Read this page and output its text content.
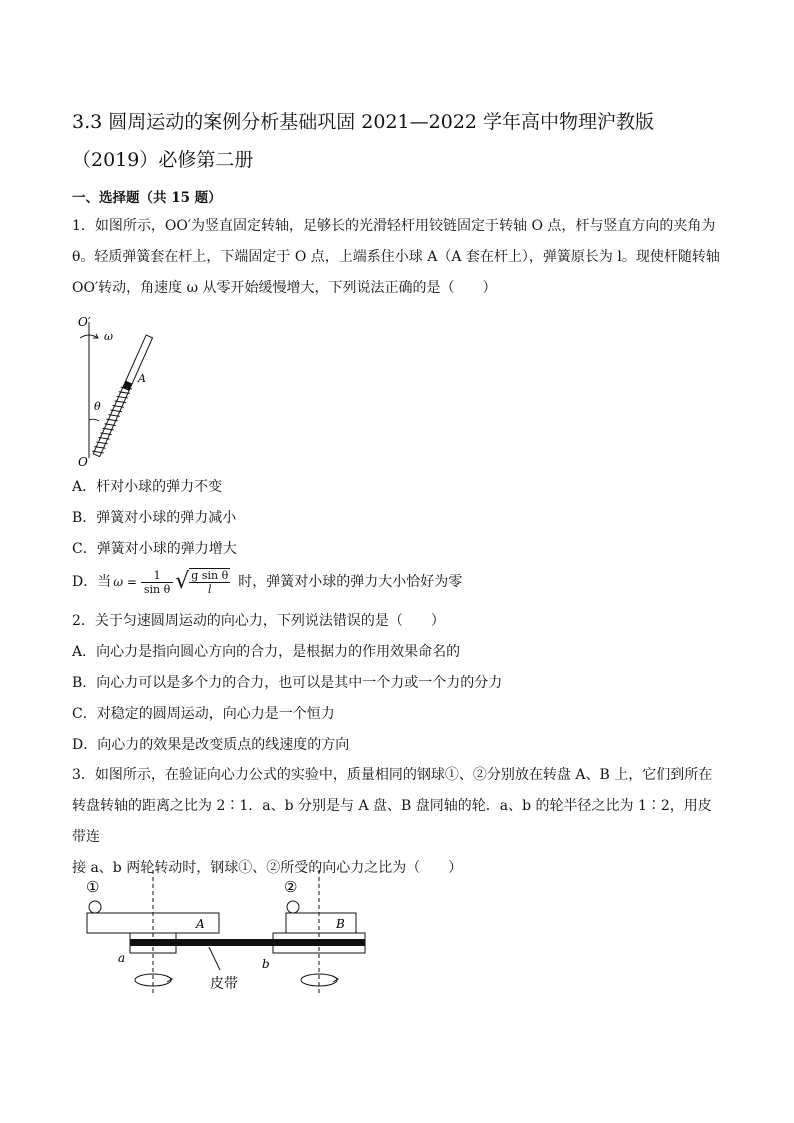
3.3 圆周运动的案例分析基础巩固 2021—2022 学年高中物理沪教版
（2019）必修第二册
一、选择题（共 15 题）
1．如图所示，OO′为竖直固定转轴，足够长的光滑轻杆用铰链固定于转轴 O 点，杆与竖直方向的夹角为
θ。轻质弹簧套在杆上，下端固定于 O 点，上端系住小球 A（A 套在杆上），弹簧原长为 l。现使杆随转轴
OO′转动，角速度 ω 从零开始缓慢增大，下列说法正确的是（　　）
O′
ω
A
θ
O
A．杆对小球的弹力不变
B．弹簧对小球的弹力减小
C．弹簧对小球的弹力增大
D．当 $\omega = \frac{1}{\text{sin θ}}$ √ $\frac{\text{g sin θ}}{l}$ 时，弹簧对小球的弹力大小恰好为零
2．关于匀速圆周运动的向心力，下列说法错误的是（　　）
A．向心力是指向圆心方向的合力，是根据力的作用效果命名的
B．向心力可以是多个力的合力，也可以是其中一个力或一个力的分力
C．对稳定的圆周运动，向心力是一个恒力
D．向心力的效果是改变质点的线速度的方向
3．如图所示，在验证向心力公式的实验中，质量相同的钢球①、②分别放在转盘 A、B 上，它们到所在
转盘转轴的距离之比为 2∶1．a、b 分别是与 A 盘、B 盘同轴的轮．a、b 的轮半径之比为 1∶2，用皮带连
接 a、b 两轮转动时，钢球①、②所受的向心力之比为（　　）
①
A
a
②
B
b
皮带
